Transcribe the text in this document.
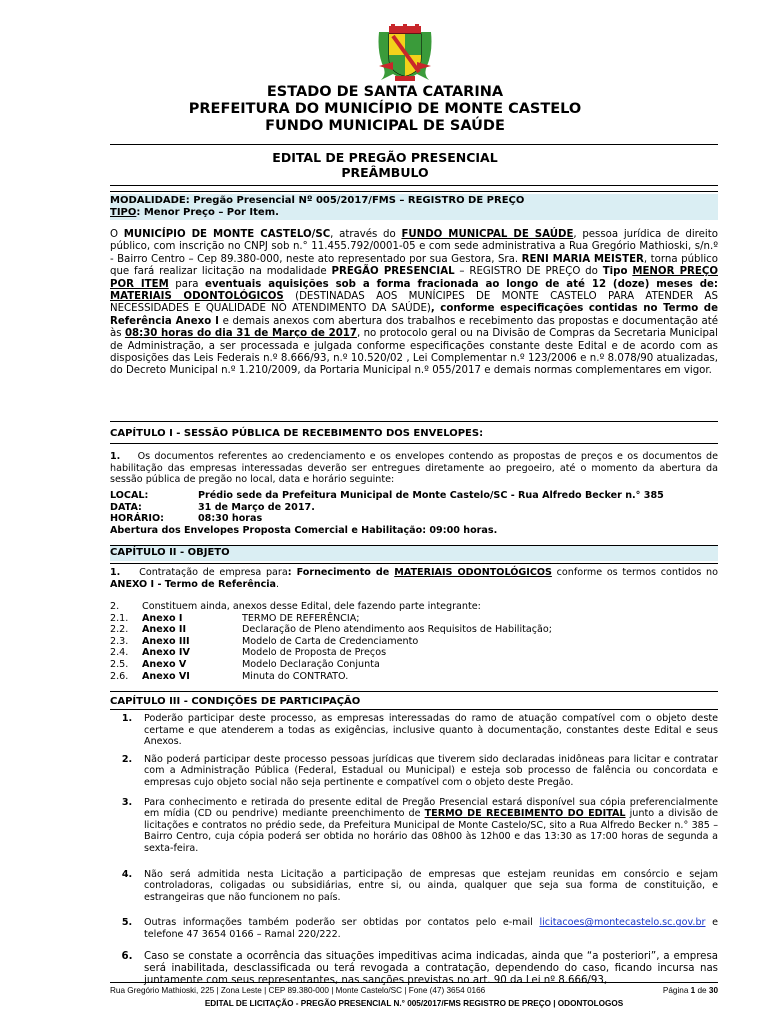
ESTADO DE SANTA CATARINA
PREFEITURA DO MUNICÍPIO DE MONTE CASTELO
FUNDO MUNICIPAL DE SAÚDE
EDITAL DE PREGÃO PRESENCIAL
PREÂMBULO
MODALIDADE: Pregão Presencial Nº 005/2017/FMS – REGISTRO DE PREÇO
TIPO: Menor Preço – Por Item.
O MUNICÍPIO DE MONTE CASTELO/SC, através do FUNDO MUNICPAL DE SAÚDE, pessoa jurídica de direito público, com inscrição no CNPJ sob n.° 11.455.792/0001-05 e com sede administrativa a Rua Gregório Mathioski, s/n.º - Bairro Centro – Cep 89.380-000, neste ato representado por sua Gestora, Sra. RENI MARIA MEISTER, torna público que fará realizar licitação na modalidade PREGÃO PRESENCIAL – REGISTRO DE PREÇO do Tipo MENOR PREÇO POR ITEM para eventuais aquisições sob a forma fracionada ao longo de até 12 (doze) meses de: MATERIAIS ODONTOLÓGICOS (DESTINADAS AOS MUNÍCIPES DE MONTE CASTELO PARA ATENDER AS NECESSIDADES E QUALIDADE NO ATENDIMENTO DA SAÚDE), conforme especificações contidas no Termo de Referência Anexo I e demais anexos com abertura dos trabalhos e recebimento das propostas e documentação até às 08:30 horas do dia 31 de Março de 2017, no protocolo geral ou na Divisão de Compras da Secretaria Municipal de Administração, a ser processada e julgada conforme especificações constante deste Edital e de acordo com as disposições das Leis Federais n.º 8.666/93, n.º 10.520/02 , Lei Complementar n.º 123/2006 e n.º 8.078/90 atualizadas, do Decreto Municipal n.º 1.210/2009, da Portaria Municipal n.º 055/2017 e demais normas complementares em vigor.
CAPÍTULO I - SESSÃO PÚBLICA DE RECEBIMENTO DOS ENVELOPES:
1. Os documentos referentes ao credenciamento e os envelopes contendo as propostas de preços e os documentos de habilitação das empresas interessadas deverão ser entregues diretamente ao pregoeiro, até o momento da abertura da sessão pública de pregão no local, data e horário seguinte:
LOCAL:	Prédio sede da Prefeitura Municipal de Monte Castelo/SC - Rua Alfredo Becker n.° 385
DATA:	31 de Março de 2017.
HORÁRIO:	08:30 horas
Abertura dos Envelopes Proposta Comercial e Habilitação: 09:00 horas.
CAPÍTULO II - OBJETO
1. Contratação de empresa para: Fornecimento de MATERIAIS ODONTOLÓGICOS conforme os termos contidos no ANEXO I - Termo de Referência.
2.	Constituem ainda, anexos desse Edital, dele fazendo parte integrante:
2.1.	Anexo I	TERMO DE REFERÊNCIA;
2.2.	Anexo II	Declaração de Pleno atendimento aos Requisitos de Habilitação;
2.3.	Anexo III	Modelo de Carta de Credenciamento
2.4.	Anexo IV	Modelo de Proposta de Preços
2.5.	Anexo V	Modelo Declaração Conjunta
2.6.	Anexo VI	Minuta do CONTRATO.
CAPÍTULO III - CONDIÇÕES DE PARTICIPAÇÃO
1.	Poderão participar deste processo, as empresas interessadas do ramo de atuação compatível com o objeto deste certame e que atenderem a todas as exigências, inclusive quanto à documentação, constantes deste Edital e seus Anexos.
2.	Não poderá participar deste processo pessoas jurídicas que tiverem sido declaradas inidôneas para licitar e contratar com a Administração Pública (Federal, Estadual ou Municipal) e esteja sob processo de falência ou concordata e empresas cujo objeto social não seja pertinente e compatível com o objeto deste Pregão.
3.	Para conhecimento e retirada do presente edital de Pregão Presencial estará disponível sua cópia preferencialmente em mídia (CD ou pendrive) mediante preenchimento de TERMO DE RECEBIMENTO DO EDITAL junto a divisão de licitações e contratos no prédio sede, da Prefeitura Municipal de Monte Castelo/SC, sito a Rua Alfredo Becker n.° 385 – Bairro Centro, cuja cópia poderá ser obtida no horário das 08h00 às 12h00 e das 13:30 as 17:00 horas de segunda a sexta-feira.
4.	Não será admitida nesta Licitação a participação de empresas que estejam reunidas em consórcio e sejam controladoras, coligadas ou subsidiárias, entre si, ou ainda, qualquer que seja sua forma de constituição, e estrangeiras que não funcionem no país.
5.	Outras informações também poderão ser obtidas por contatos pelo e-mail licitacoes@montecastelo.sc.gov.br e telefone 47 3654 0166 – Ramal 220/222.
6.	Caso se constate a ocorrência das situações impeditivas acima indicadas, ainda que “a posteriori”, a empresa será inabilitada, desclassificada ou terá revogada a contratação, dependendo do caso, ficando incursa nas juntamente com seus representantes, nas sanções previstas no art. 90 da Lei nº 8.666/93,
Rua Gregório Mathioski, 225 | Zona Leste | CEP 89.380-000 | Monte Castelo/SC | Fone (47) 3654 0166	Página 1 de 30
EDITAL DE LICITAÇÃO - PREGÃO PRESENCIAL N.° 005/2017/FMS REGISTRO DE PREÇO | ODONTOLOGOS
